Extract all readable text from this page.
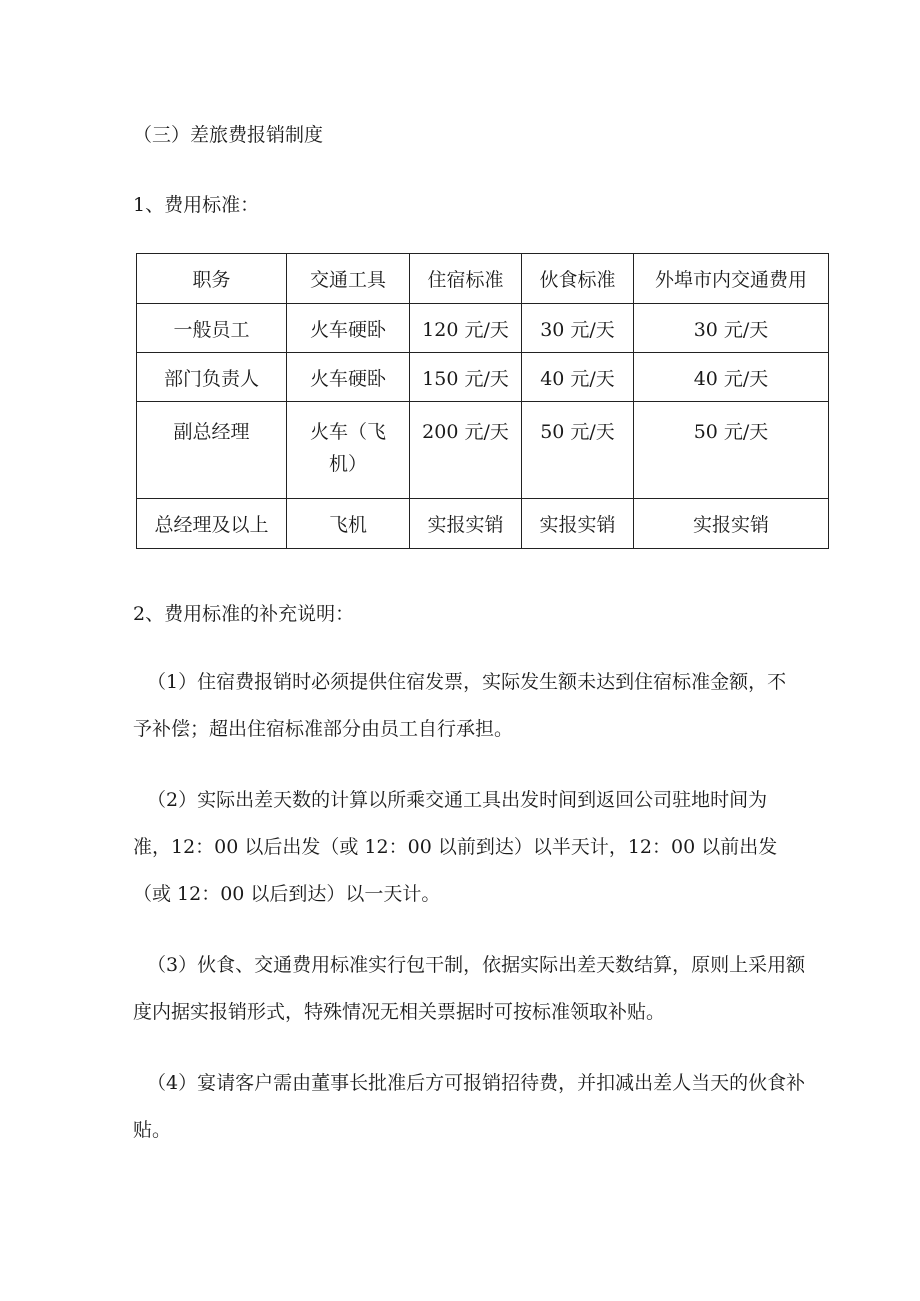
（三）差旅费报销制度
1、费用标准：
职务	交通工具	住宿标准	伙食标准	外埠市内交通费用
一般员工	火车硬卧	120 元/天	30 元/天	30 元/天
部门负责人	火车硬卧	150 元/天	40 元/天	40 元/天
副总经理	火车（飞机）	200 元/天	50 元/天	50 元/天
总经理及以上	飞机	实报实销	实报实销	实报实销
2、费用标准的补充说明：
（1）住宿费报销时必须提供住宿发票，实际发生额未达到住宿标准金额，不
予补偿；超出住宿标准部分由员工自行承担。
（2）实际出差天数的计算以所乘交通工具出发时间到返回公司驻地时间为
准，12：00 以后出发（或 12：00 以前到达）以半天计，12：00 以前出发
（或 12：00 以后到达）以一天计。
（3）伙食、交通费用标准实行包干制，依据实际出差天数结算，原则上采用额
度内据实报销形式，特殊情况无相关票据时可按标准领取补贴。
（4）宴请客户需由董事长批准后方可报销招待费，并扣减出差人当天的伙食补
贴。
